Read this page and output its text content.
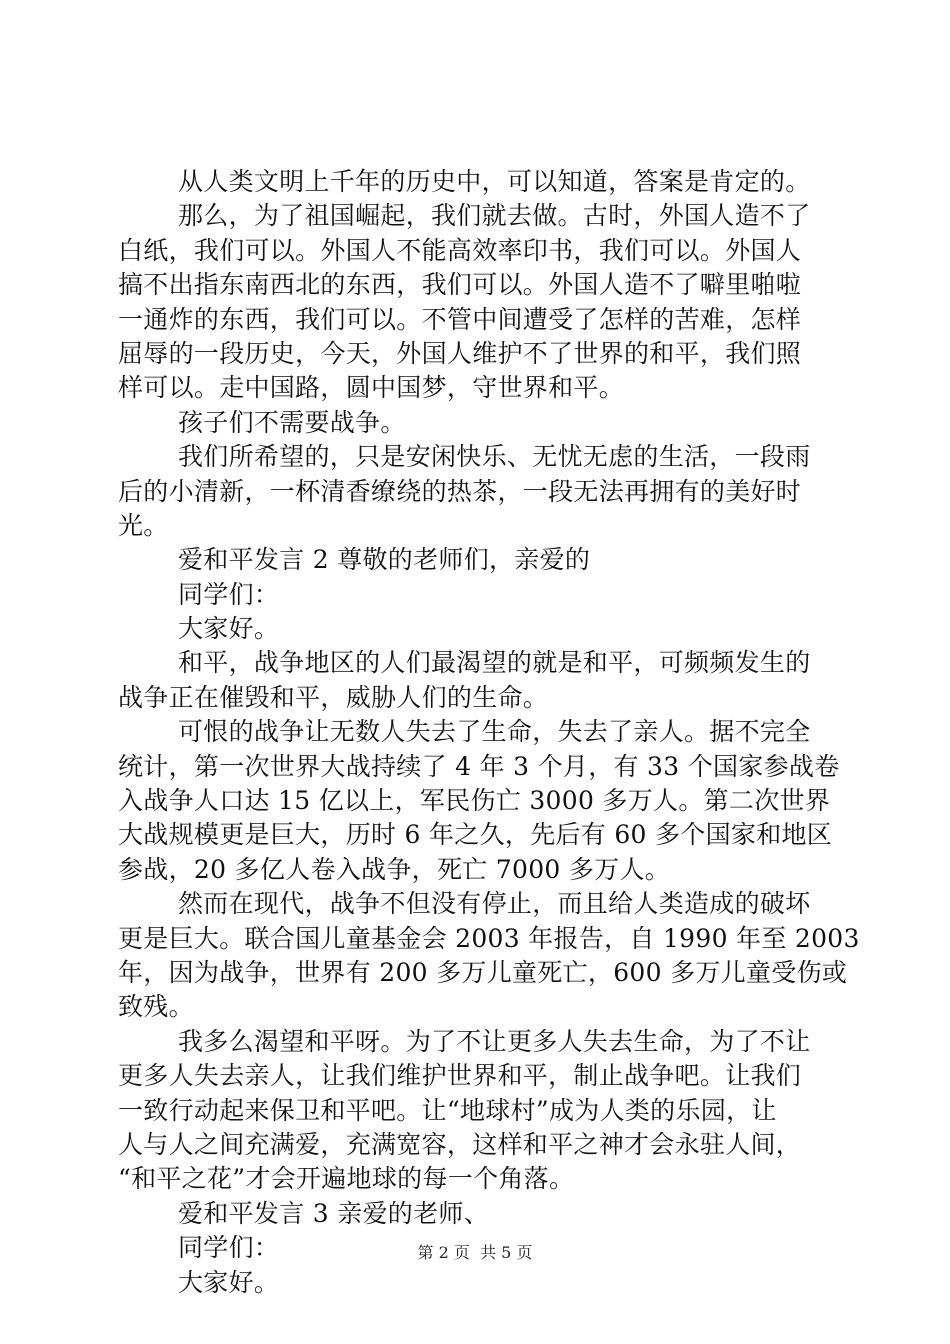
从人类文明上千年的历史中，可以知道，答案是肯定的。
那么，为了祖国崛起，我们就去做。古时，外国人造不了
白纸，我们可以。外国人不能高效率印书，我们可以。外国人
搞不出指东南西北的东西，我们可以。外国人造不了噼里啪啦
一通炸的东西，我们可以。不管中间遭受了怎样的苦难，怎样
屈辱的一段历史，今天，外国人维护不了世界的和平，我们照
样可以。走中国路，圆中国梦，守世界和平。
孩子们不需要战争。
我们所希望的，只是安闲快乐、无忧无虑的生活，一段雨
后的小清新，一杯清香缭绕的热茶，一段无法再拥有的美好时
光。
爱和平发言 2 尊敬的老师们，亲爱的
同学们：
大家好。
和平，战争地区的人们最渴望的就是和平，可频频发生的
战争正在催毁和平，威胁人们的生命。
可恨的战争让无数人失去了生命，失去了亲人。据不完全
统计，第一次世界大战持续了 4 年 3 个月，有 33 个国家参战卷
入战争人口达 15 亿以上，军民伤亡 3000 多万人。第二次世界
大战规模更是巨大，历时 6 年之久，先后有 60 多个国家和地区
参战，20 多亿人卷入战争，死亡 7000 多万人。
然而在现代，战争不但没有停止，而且给人类造成的破坏
更是巨大。联合国儿童基金会 2003 年报告，自 1990 年至 2003
年，因为战争，世界有 200 多万儿童死亡，600 多万儿童受伤或
致残。
我多么渴望和平呀。为了不让更多人失去生命，为了不让
更多人失去亲人，让我们维护世界和平，制止战争吧。让我们
一致行动起来保卫和平吧。让“地球村”成为人类的乐园，让
人与人之间充满爱，充满宽容，这样和平之神才会永驻人间，
“和平之花”才会开遍地球的每一个角落。
爱和平发言 3 亲爱的老师、
同学们：
大家好。
第 2 页  共 5 页
